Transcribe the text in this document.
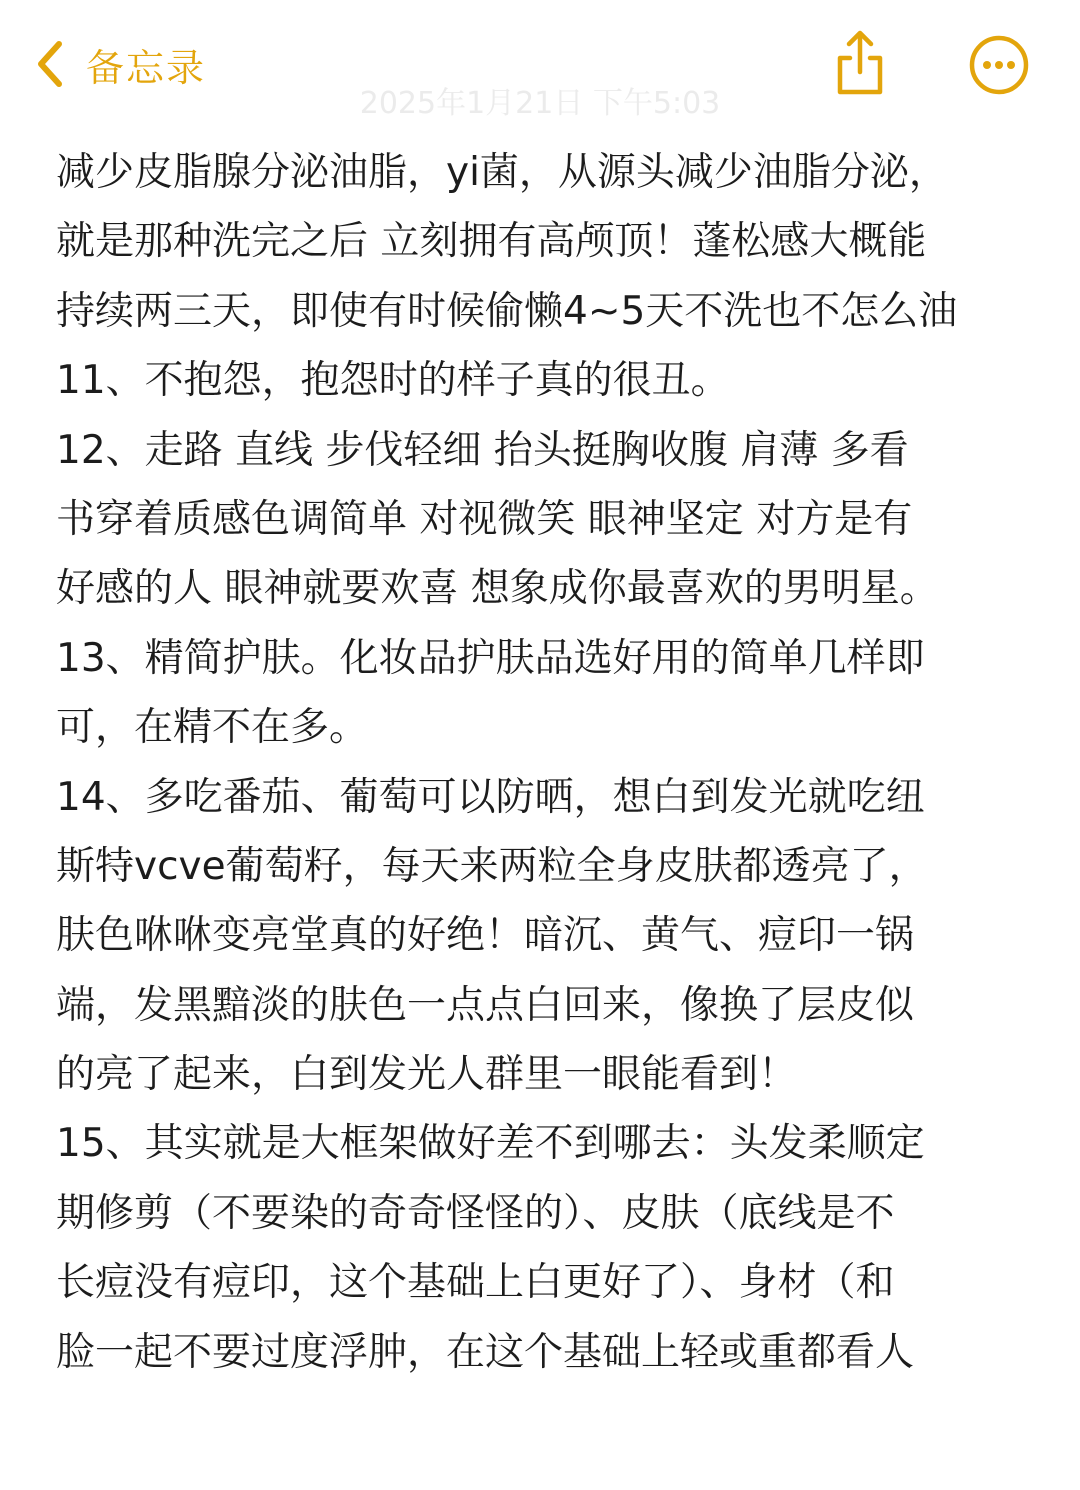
备忘录
2025年1月21日 下午5:03
减少皮脂腺分泌油脂，yi菌，从源头减少油脂分泌，
就是那种洗完之后 立刻拥有高颅顶！蓬松感大概能
持续两三天，即使有时候偷懒4~5天不洗也不怎么油
11、不抱怨，抱怨时的样子真的很丑。
12、走路 直线 步伐轻细 抬头挺胸收腹 肩薄 多看
书穿着质感色调简单 对视微笑 眼神坚定 对方是有
好感的人 眼神就要欢喜 想象成你最喜欢的男明星。
13、精简护肤。化妆品护肤品选好用的简单几样即
可，在精不在多。
14、多吃番茄、葡萄可以防晒，想白到发光就吃纽
斯特vcve葡萄籽，每天来两粒全身皮肤都透亮了，
肤色咻咻变亮堂真的好绝！暗沉、黄气、痘印一锅
端，发黑黯淡的肤色一点点白回来，像换了层皮似
的亮了起来，白到发光人群里一眼能看到！
15、其实就是大框架做好差不到哪去：头发柔顺定
期修剪（不要染的奇奇怪怪的）、皮肤（底线是不
长痘没有痘印，这个基础上白更好了）、身材（和
脸一起不要过度浮肿，在这个基础上轻或重都看人
